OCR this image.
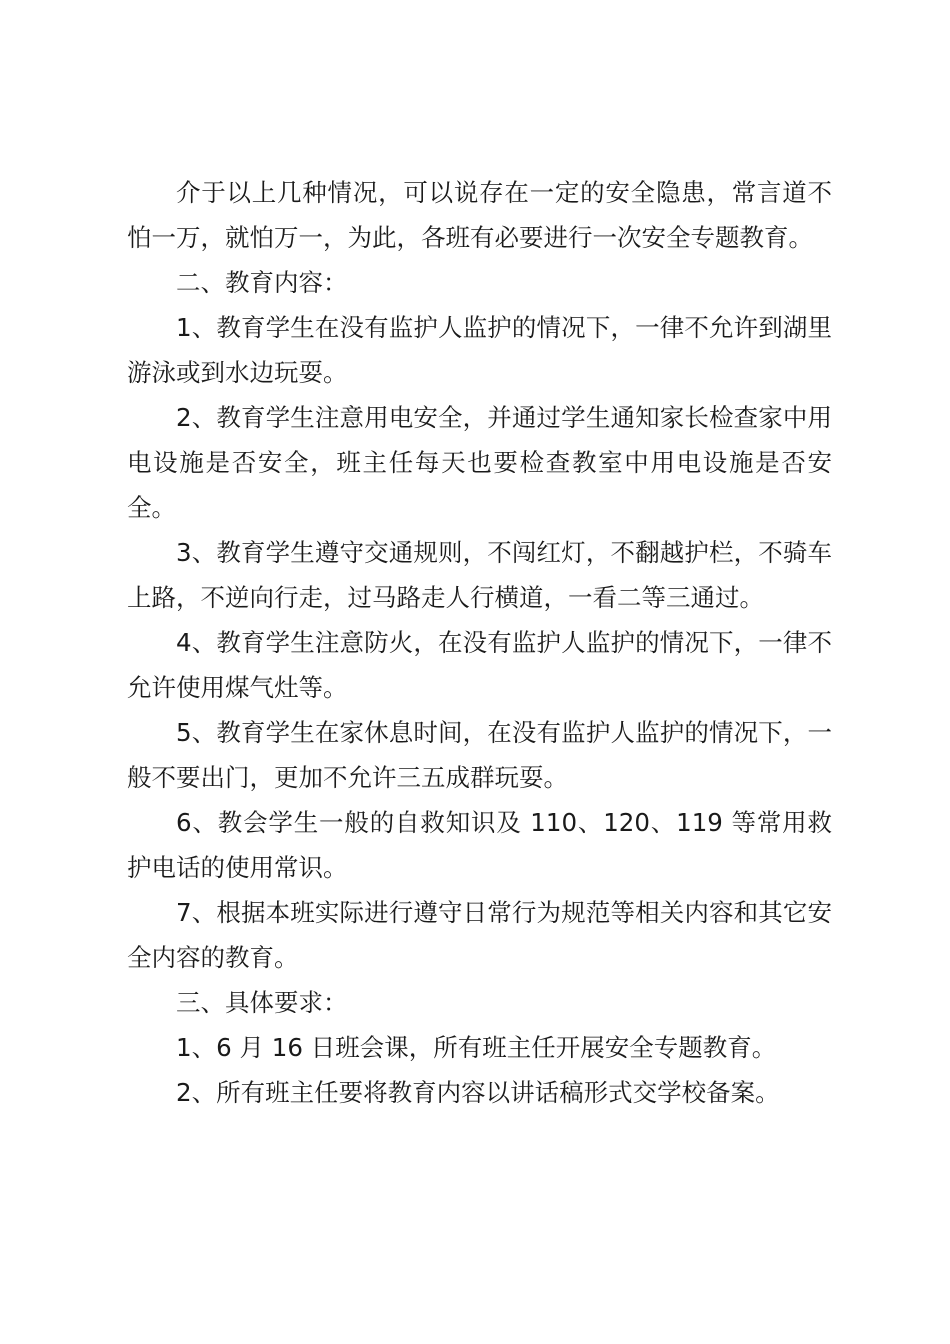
介于以上几种情况，可以说存在一定的安全隐患，常言道不怕一万，就怕万一，为此，各班有必要进行一次安全专题教育。

二、教育内容：

1、教育学生在没有监护人监护的情况下，一律不允许到湖里游泳或到水边玩耍。

2、教育学生注意用电安全，并通过学生通知家长检查家中用电设施是否安全，班主任每天也要检查教室中用电设施是否安全。

3、教育学生遵守交通规则，不闯红灯，不翻越护栏，不骑车上路，不逆向行走，过马路走人行横道，一看二等三通过。

4、教育学生注意防火，在没有监护人监护的情况下，一律不允许使用煤气灶等。

5、教育学生在家休息时间，在没有监护人监护的情况下，一般不要出门，更加不允许三五成群玩耍。

6、教会学生一般的自救知识及 110、120、119 等常用救护电话的使用常识。

7、根据本班实际进行遵守日常行为规范等相关内容和其它安全内容的教育。

三、具体要求：

1、6 月 16 日班会课，所有班主任开展安全专题教育。

2、所有班主任要将教育内容以讲话稿形式交学校备案。
